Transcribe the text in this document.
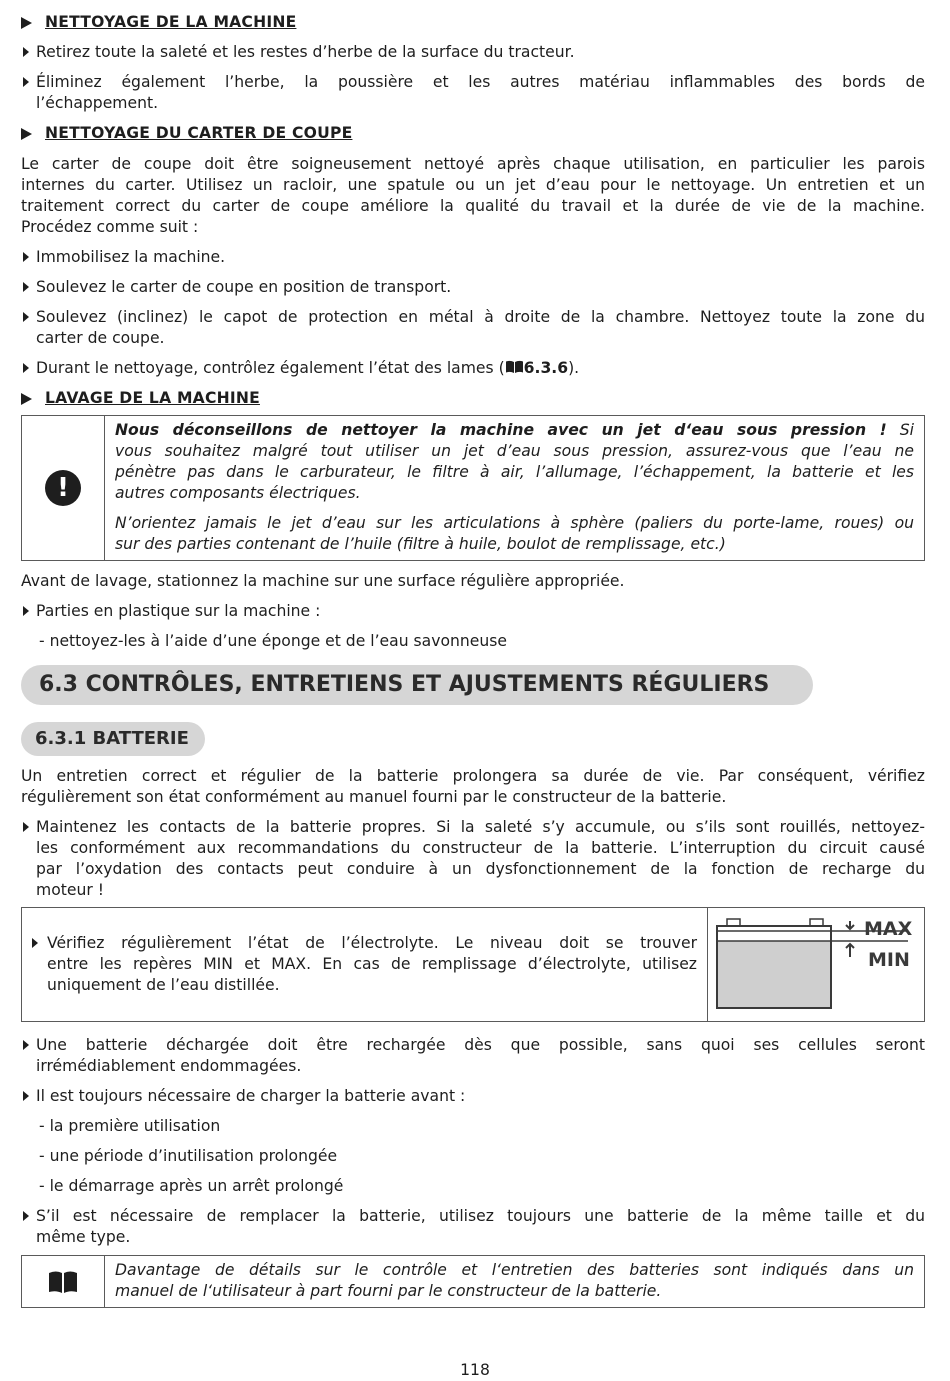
NETTOYAGE DE LA MACHINE
Retirez toute la saleté et les restes d’herbe de la surface du tracteur.
Éliminez également l’herbe, la poussière et les autres matériau inflammables des bords de
l’échappement.
NETTOYAGE DU CARTER DE COUPE
Le carter de coupe doit être soigneusement nettoyé après chaque utilisation, en particulier les parois
internes du carter. Utilisez un racloir, une spatule ou un jet d’eau pour le nettoyage. Un entretien et un
traitement correct du carter de coupe améliore la qualité du travail et la durée de vie de la machine.
Procédez comme suit :
Immobilisez la machine.
Soulevez le carter de coupe en position de transport.
Soulevez (inclinez) le capot de protection en métal à droite de la chambre. Nettoyez toute la zone du
carter de coupe.
Durant le nettoyage, contrôlez également l’état des lames ( 6.3.6).
LAVAGE DE LA MACHINE
!
Nous déconseillons de nettoyer la machine avec un jet d‘eau sous pression ! Si
vous souhaitez malgré tout utiliser un jet d’eau sous pression, assurez-vous que l’eau ne
pénètre pas dans le carburateur, le filtre à air, l’allumage, l’échappement, la batterie et les
autres composants électriques.
N’orientez jamais le jet d’eau sur les articulations à sphère (paliers du porte-lame, roues) ou
sur des parties contenant de l’huile (filtre à huile, boulot de remplissage, etc.)
Avant de lavage, stationnez la machine sur une surface régulière appropriée.
Parties en plastique sur la machine :
- nettoyez-les à l’aide d’une éponge et de l’eau savonneuse
6.3 CONTRÔLES, ENTRETIENS ET AJUSTEMENTS RÉGULIERS
6.3.1 BATTERIE
Un entretien correct et régulier de la batterie prolongera sa durée de vie. Par conséquent, vérifiez
régulièrement son état conformément au manuel fourni par le constructeur de la batterie.
Maintenez les contacts de la batterie propres. Si la saleté s’y accumule, ou s’ils sont rouillés, nettoyez-
les conformément aux recommandations du constructeur de la batterie. L’interruption du circuit causé
par l’oxydation des contacts peut conduire à un dysfonctionnement de la fonction de recharge du
moteur !
Vérifiez régulièrement l’état de l’électrolyte. Le niveau doit se trouver
entre les repères MIN et MAX. En cas de remplissage d’électrolyte, utilisez
uniquement de l’eau distillée.
MAX
MIN
Une batterie déchargée doit être rechargée dès que possible, sans quoi ses cellules seront
irrémédiablement endommagées.
Il est toujours nécessaire de charger la batterie avant :
- la première utilisation
- une période d’inutilisation prolongée
- le démarrage après un arrêt prolongé
S’il est nécessaire de remplacer la batterie, utilisez toujours une batterie de la même taille et du
même type.
Davantage de détails sur le contrôle et l‘entretien des batteries sont indiqués dans un
manuel de l‘utilisateur à part fourni par le constructeur de la batterie.
118
